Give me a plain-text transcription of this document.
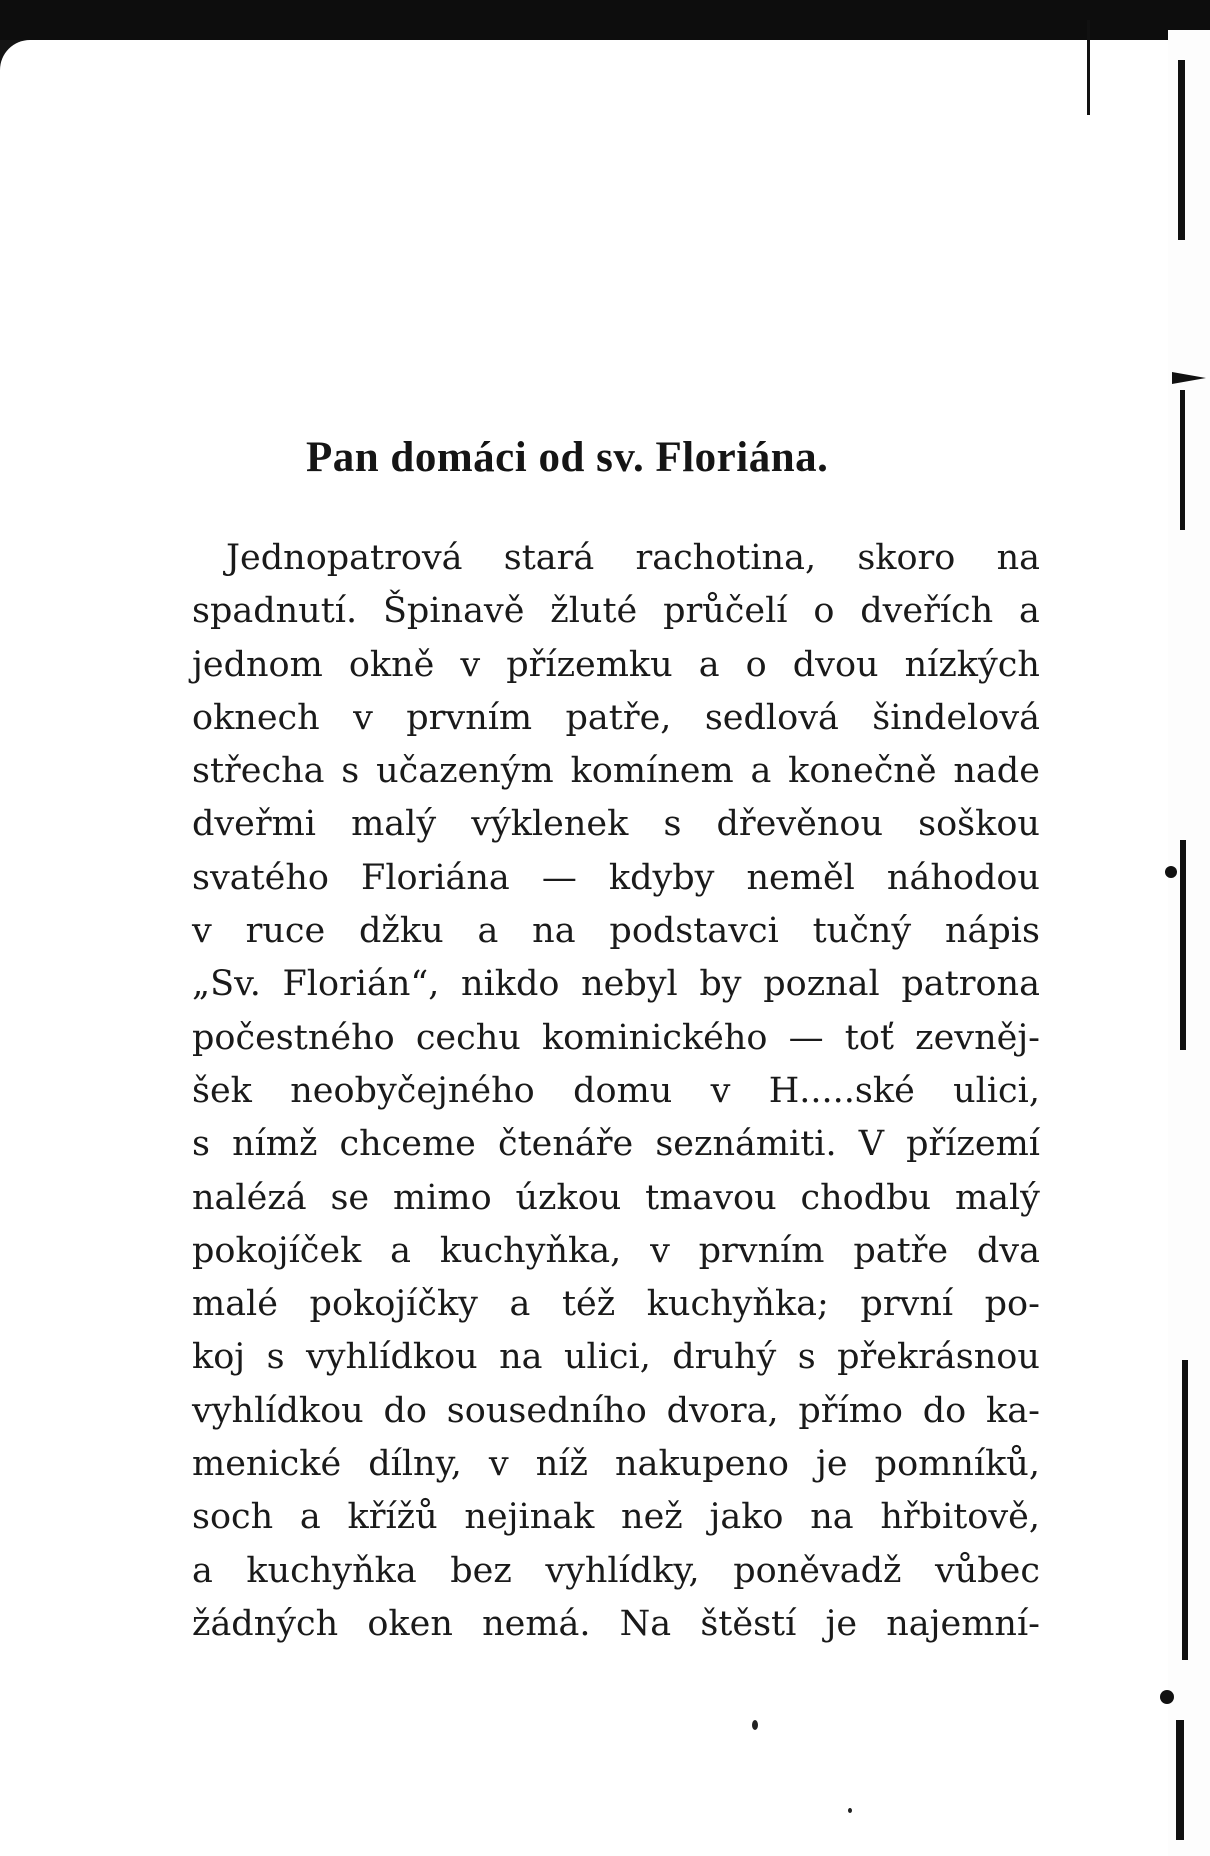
Pan domáci od sv. Floriána.
Jednopatrová stará rachotina, skoro na
spadnutí. Špinavě žluté průčelí o dveřích a
jednom okně v přízemku a o dvou nízkých
oknech v prvním patře, sedlová šindelová
střecha s učazeným komínem a konečně nade
dveřmi malý výklenek s dřevěnou soškou
svatého Floriána — kdyby neměl náhodou
v ruce džku a na podstavci tučný nápis
„Sv. Florián“, nikdo nebyl by poznal patrona
počestného cechu kominického — toť zevněj-
šek neobyčejného domu v H.....ské ulici,
s nímž chceme čtenáře seznámiti. V přízemí
nalézá se mimo úzkou tmavou chodbu malý
pokojíček a kuchyňka, v prvním patře dva
malé pokojíčky a též kuchyňka; první po-
koj s vyhlídkou na ulici, druhý s překrásnou
vyhlídkou do sousedního dvora, přímo do ka-
menické dílny, v níž nakupeno je pomníků,
soch a křížů nejinak než jako na hřbitově,
a kuchyňka bez vyhlídky, poněvadž vůbec
žádných oken nemá. Na štěstí je najemní-
